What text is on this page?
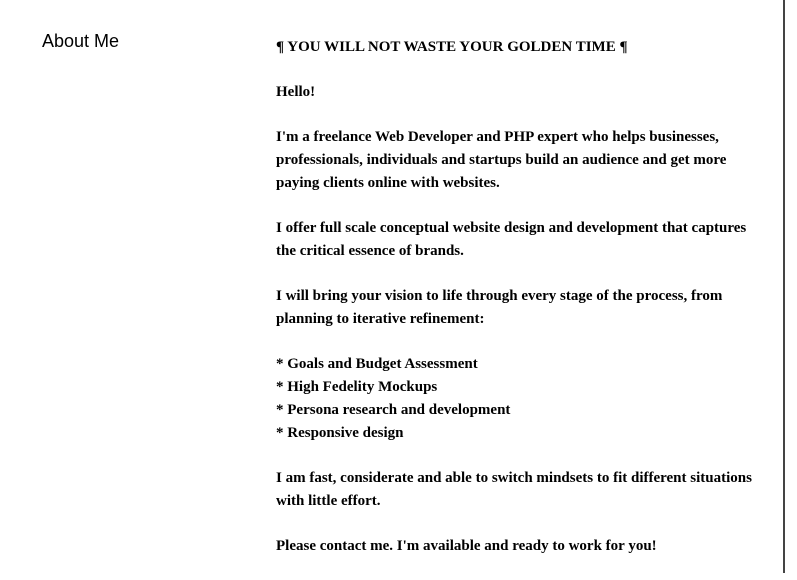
About Me	¶ YOU WILL NOT WASTE YOUR GOLDEN TIME ¶

Hello!

I'm a freelance Web Developer and PHP expert who helps businesses, professionals, individuals and startups build an audience and get more paying clients online with websites.

I offer full scale conceptual website design and development that captures the critical essence of brands.

I will bring your vision to life through every stage of the process, from planning to iterative refinement:

* Goals and Budget Assessment
* High Fedelity Mockups
* Persona research and development
* Responsive design

I am fast, considerate and able to switch mindsets to fit different situations with little effort.

Please contact me. I'm available and ready to work for you!
